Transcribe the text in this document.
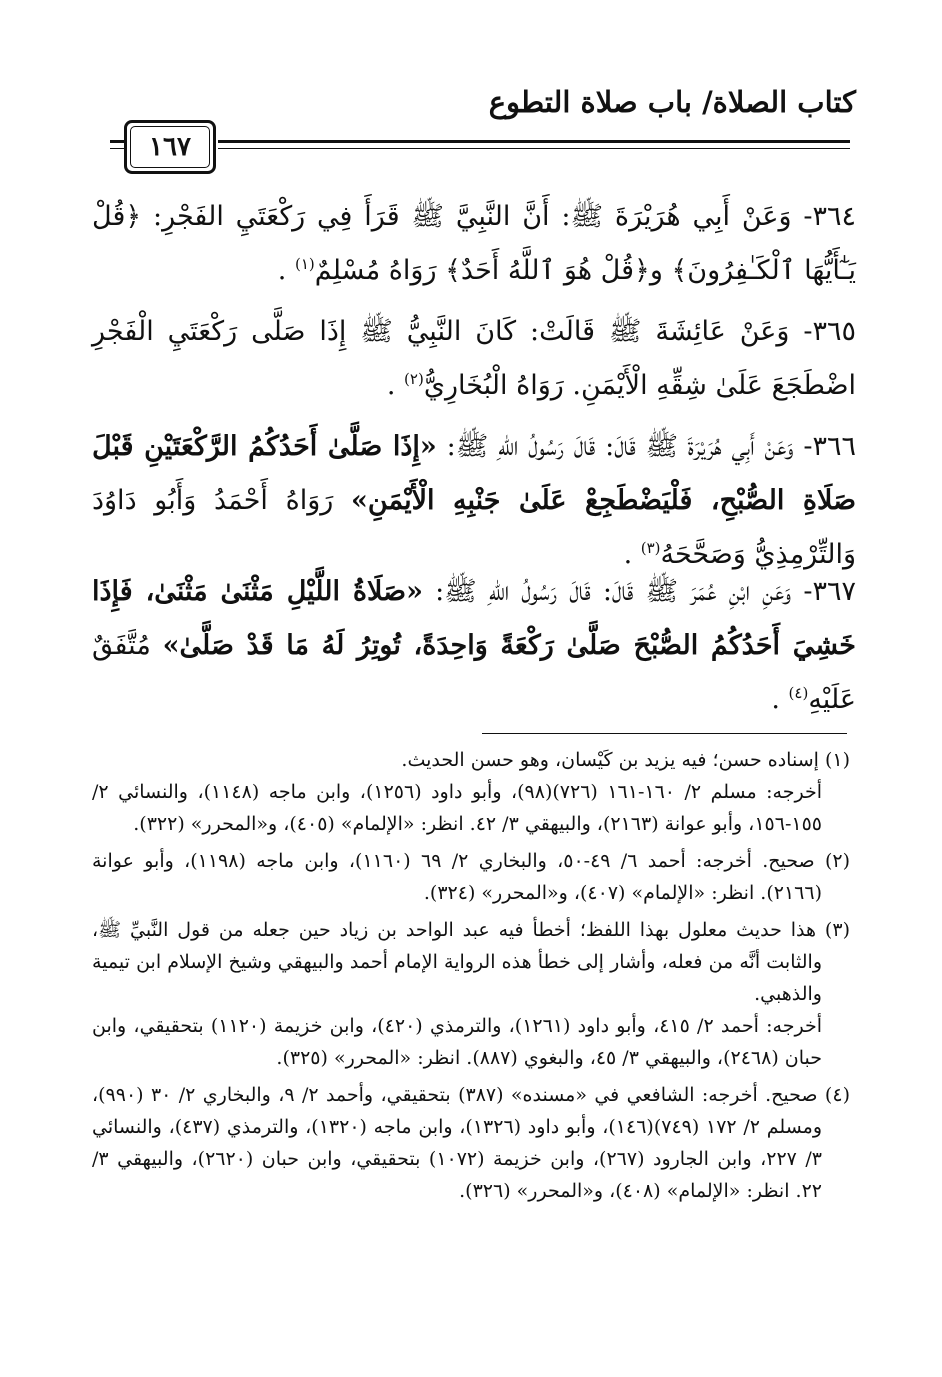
كتاب الصلاة/ باب صلاة التطوع
١٦٧
٣٦٤- وَعَنْ أَبِي هُرَيْرَةَ ﷺ: أَنَّ النَّبِيَّ ﷺ قَرَأَ فِي رَكْعَتَيِ الفَجْرِ: ﴿قُلْ يَـٰٓأَيُّهَا ٱلْكَـٰفِرُونَ﴾ و﴿قُلْ هُوَ ٱللَّهُ أَحَدٌ﴾ رَوَاهُ مُسْلِمٌ$^{(١)}$ .
٣٦٥- وَعَنْ عَائِشَةَ ﷺ قَالَتْ: كَانَ النَّبِيُّ ﷺ إِذَا صَلَّى رَكْعَتَيِ الْفَجْرِ اضْطَجَعَ عَلَىٰ شِقِّهِ الْأَيْمَنِ. رَوَاهُ الْبُخَارِيُّ$^{(٢)}$ .
٣٦٦- وَعَنْ أَبِي هُرَيْرَةَ ﷺ قَالَ: قَالَ رَسُولُ اللهِ ﷺ: «إِذَا صَلَّىٰ أَحَدُكُمُ الرَّكْعَتَيْنِ قَبْلَ صَلَاةِ الصُّبْحِ، فَلْيَضْطَجِعْ عَلَىٰ جَنْبِهِ الْأَيْمَنِ» رَوَاهُ أَحْمَدُ وَأَبُو دَاوُدَ وَالتِّرْمِذِيُّ وَصَحَّحَهُ$^{(٣)}$ .
٣٦٧- وَعَنِ ابْنِ عُمَرَ ﷺ قَالَ: قَالَ رَسُولُ اللهِ ﷺ: «صَلَاةُ اللَّيْلِ مَثْنَىٰ مَثْنَىٰ، فَإِذَا خَشِيَ أَحَدُكُمُ الصُّبْحَ صَلَّىٰ رَكْعَةً وَاحِدَةً، تُوتِرُ لَهُ مَا قَدْ صَلَّىٰ» مُتَّفَقٌ عَلَيْهِ$^{(٤)}$ .
(١) إسناده حسن؛ فيه يزيد بن كَيْسان، وهو حسن الحديث.
أخرجه: مسلم ٢/ ١٦٠-١٦١ (٧٢٦)(٩٨)، وأبو داود (١٢٥٦)، وابن ماجه (١١٤٨)، والنسائي ٢/ ١٥٥-١٥٦، وأبو عوانة (٢١٦٣)، والبيهقي ٣/ ٤٢. انظر: «الإلمام» (٤٠٥)، و«المحرر» (٣٢٢).
(٢) صحيح. أخرجه: أحمد ٦/ ٤٩-٥٠، والبخاري ٢/ ٦٩ (١١٦٠)، وابن ماجه (١١٩٨)، وأبو عوانة (٢١٦٦). انظر: «الإلمام» (٤٠٧)، و«المحرر» (٣٢٤).
(٣) هذا حديث معلول بهذا اللفظ؛ أخطأ فيه عبد الواحد بن زياد حين جعله من قول النَّبيِّ ﷺ، والثابت أنَّه من فعله، وأشار إلى خطأ هذه الرواية الإمام أحمد والبيهقي وشيخ الإسلام ابن تيمية والذهبي.
أخرجه: أحمد ٢/ ٤١٥، وأبو داود (١٢٦١)، والترمذي (٤٢٠)، وابن خزيمة (١١٢٠) بتحقيقي، وابن حبان (٢٤٦٨)، والبيهقي ٣/ ٤٥، والبغوي (٨٨٧). انظر: «المحرر» (٣٢٥).
(٤) صحيح. أخرجه: الشافعي في «مسنده» (٣٨٧) بتحقيقي، وأحمد ٢/ ٩، والبخاري ٢/ ٣٠ (٩٩٠)، ومسلم ٢/ ١٧٢ (٧٤٩)(١٤٦)، وأبو داود (١٣٢٦)، وابن ماجه (١٣٢٠)، والترمذي (٤٣٧)، والنسائي ٣/ ٢٢٧، وابن الجارود (٢٦٧)، وابن خزيمة (١٠٧٢) بتحقيقي، وابن حبان (٢٦٢٠)، والبيهقي ٣/ ٢٢. انظر: «الإلمام» (٤٠٨)، و«المحرر» (٣٢٦).
